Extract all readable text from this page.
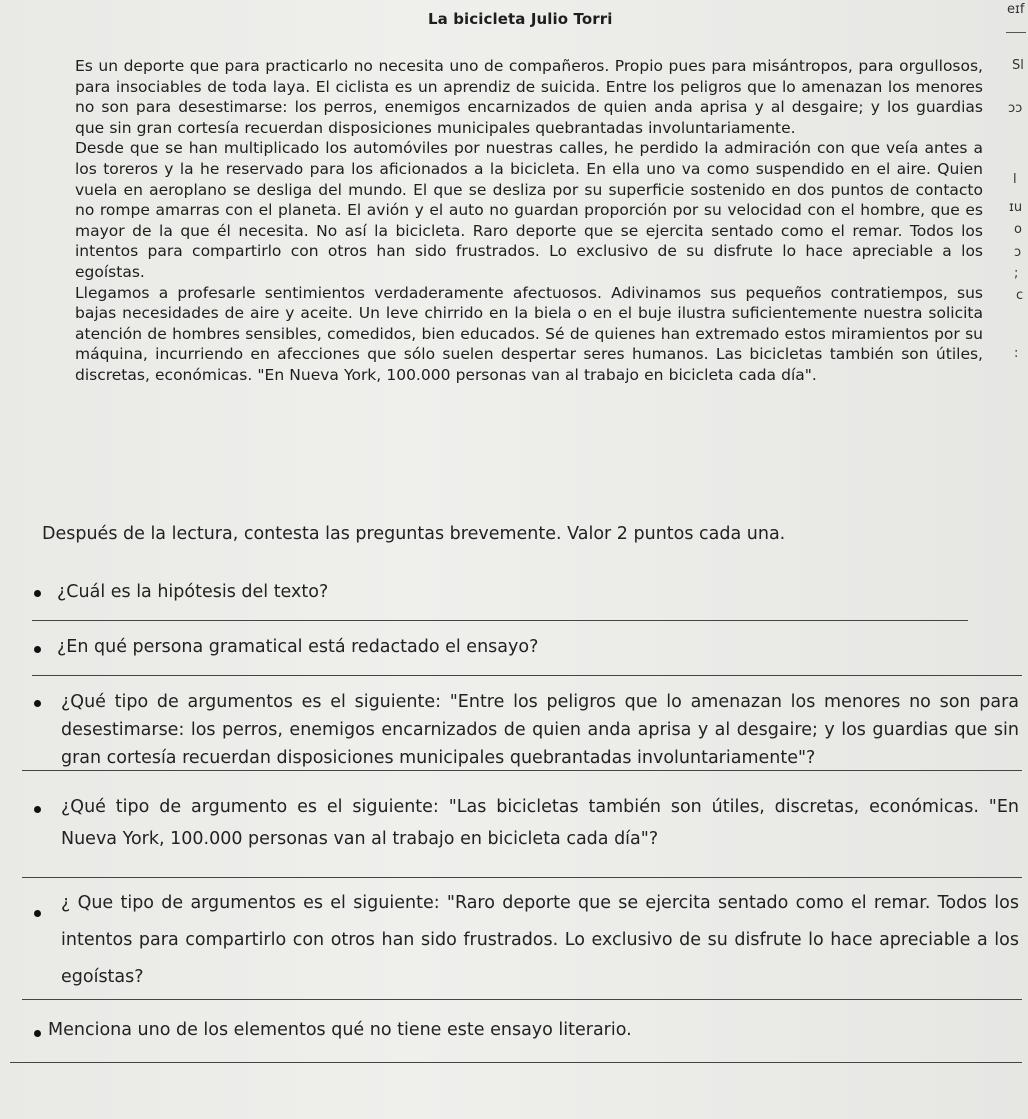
La bicicleta Julio Torri
eɪf
Sl
ɔɔ
l
ɪu
o
ɔ
;
c
:

Es un deporte que para practicarlo no necesita uno de compañeros. Propio pues para misántropos, para orgullosos, para insociables de toda laya. El ciclista es un aprendiz de suicida. Entre los peligros que lo amenazan los menores no son para desestimarse: los perros, enemigos encarnizados de quien anda aprisa y al desgaire; y los guardias que sin gran cortesía recuerdan disposiciones municipales quebrantadas involuntariamente.

Desde que se han multiplicado los automóviles por nuestras calles, he perdido la admiración con que veía antes a los toreros y la he reservado para los aficionados a la bicicleta. En ella uno va como suspendido en el aire. Quien vuela en aeroplano se desliga del mundo. El que se desliza por su superficie sostenido en dos puntos de contacto no rompe amarras con el planeta. El avión y el auto no guardan proporción por su velocidad con el hombre, que es mayor de la que él necesita. No así la bicicleta. Raro deporte que se ejercita sentado como el remar. Todos los intentos para compartirlo con otros han sido frustrados. Lo exclusivo de su disfrute lo hace apreciable a los egoístas.

Llegamos a profesarle sentimientos verdaderamente afectuosos. Adivinamos sus pequeños contratiempos, sus bajas necesidades de aire y aceite. Un leve chirrido en la biela o en el buje ilustra suficientemente nuestra solicita atención de hombres sensibles, comedidos, bien educados. Sé de quienes han extremado estos miramientos por su máquina, incurriendo en afecciones que sólo suelen despertar seres humanos. Las bicicletas también son útiles, discretas, económicas. "En Nueva York, 100.000 personas van al trabajo en bicicleta cada día".

Después de la lectura, contesta las preguntas brevemente. Valor 2 puntos cada una.
¿Cuál es la hipótesis del texto?
¿En qué persona gramatical está redactado el ensayo?
¿Qué tipo de argumentos es el siguiente: "Entre los peligros que lo amenazan los menores no son para desestimarse: los perros, enemigos encarnizados de quien anda aprisa y al desgaire; y los guardias que sin gran cortesía recuerdan disposiciones municipales quebrantadas involuntariamente"?
¿Qué tipo de argumento es el siguiente: "Las bicicletas también son útiles, discretas, económicas. "En Nueva York, 100.000 personas van al trabajo en bicicleta cada día"?
¿ Que tipo de argumentos es el siguiente: "Raro deporte que se ejercita sentado como el remar. Todos los intentos para compartirlo con otros han sido frustrados. Lo exclusivo de su disfrute lo hace apreciable a los egoístas?
Menciona uno de los elementos qué no tiene este ensayo literario.
